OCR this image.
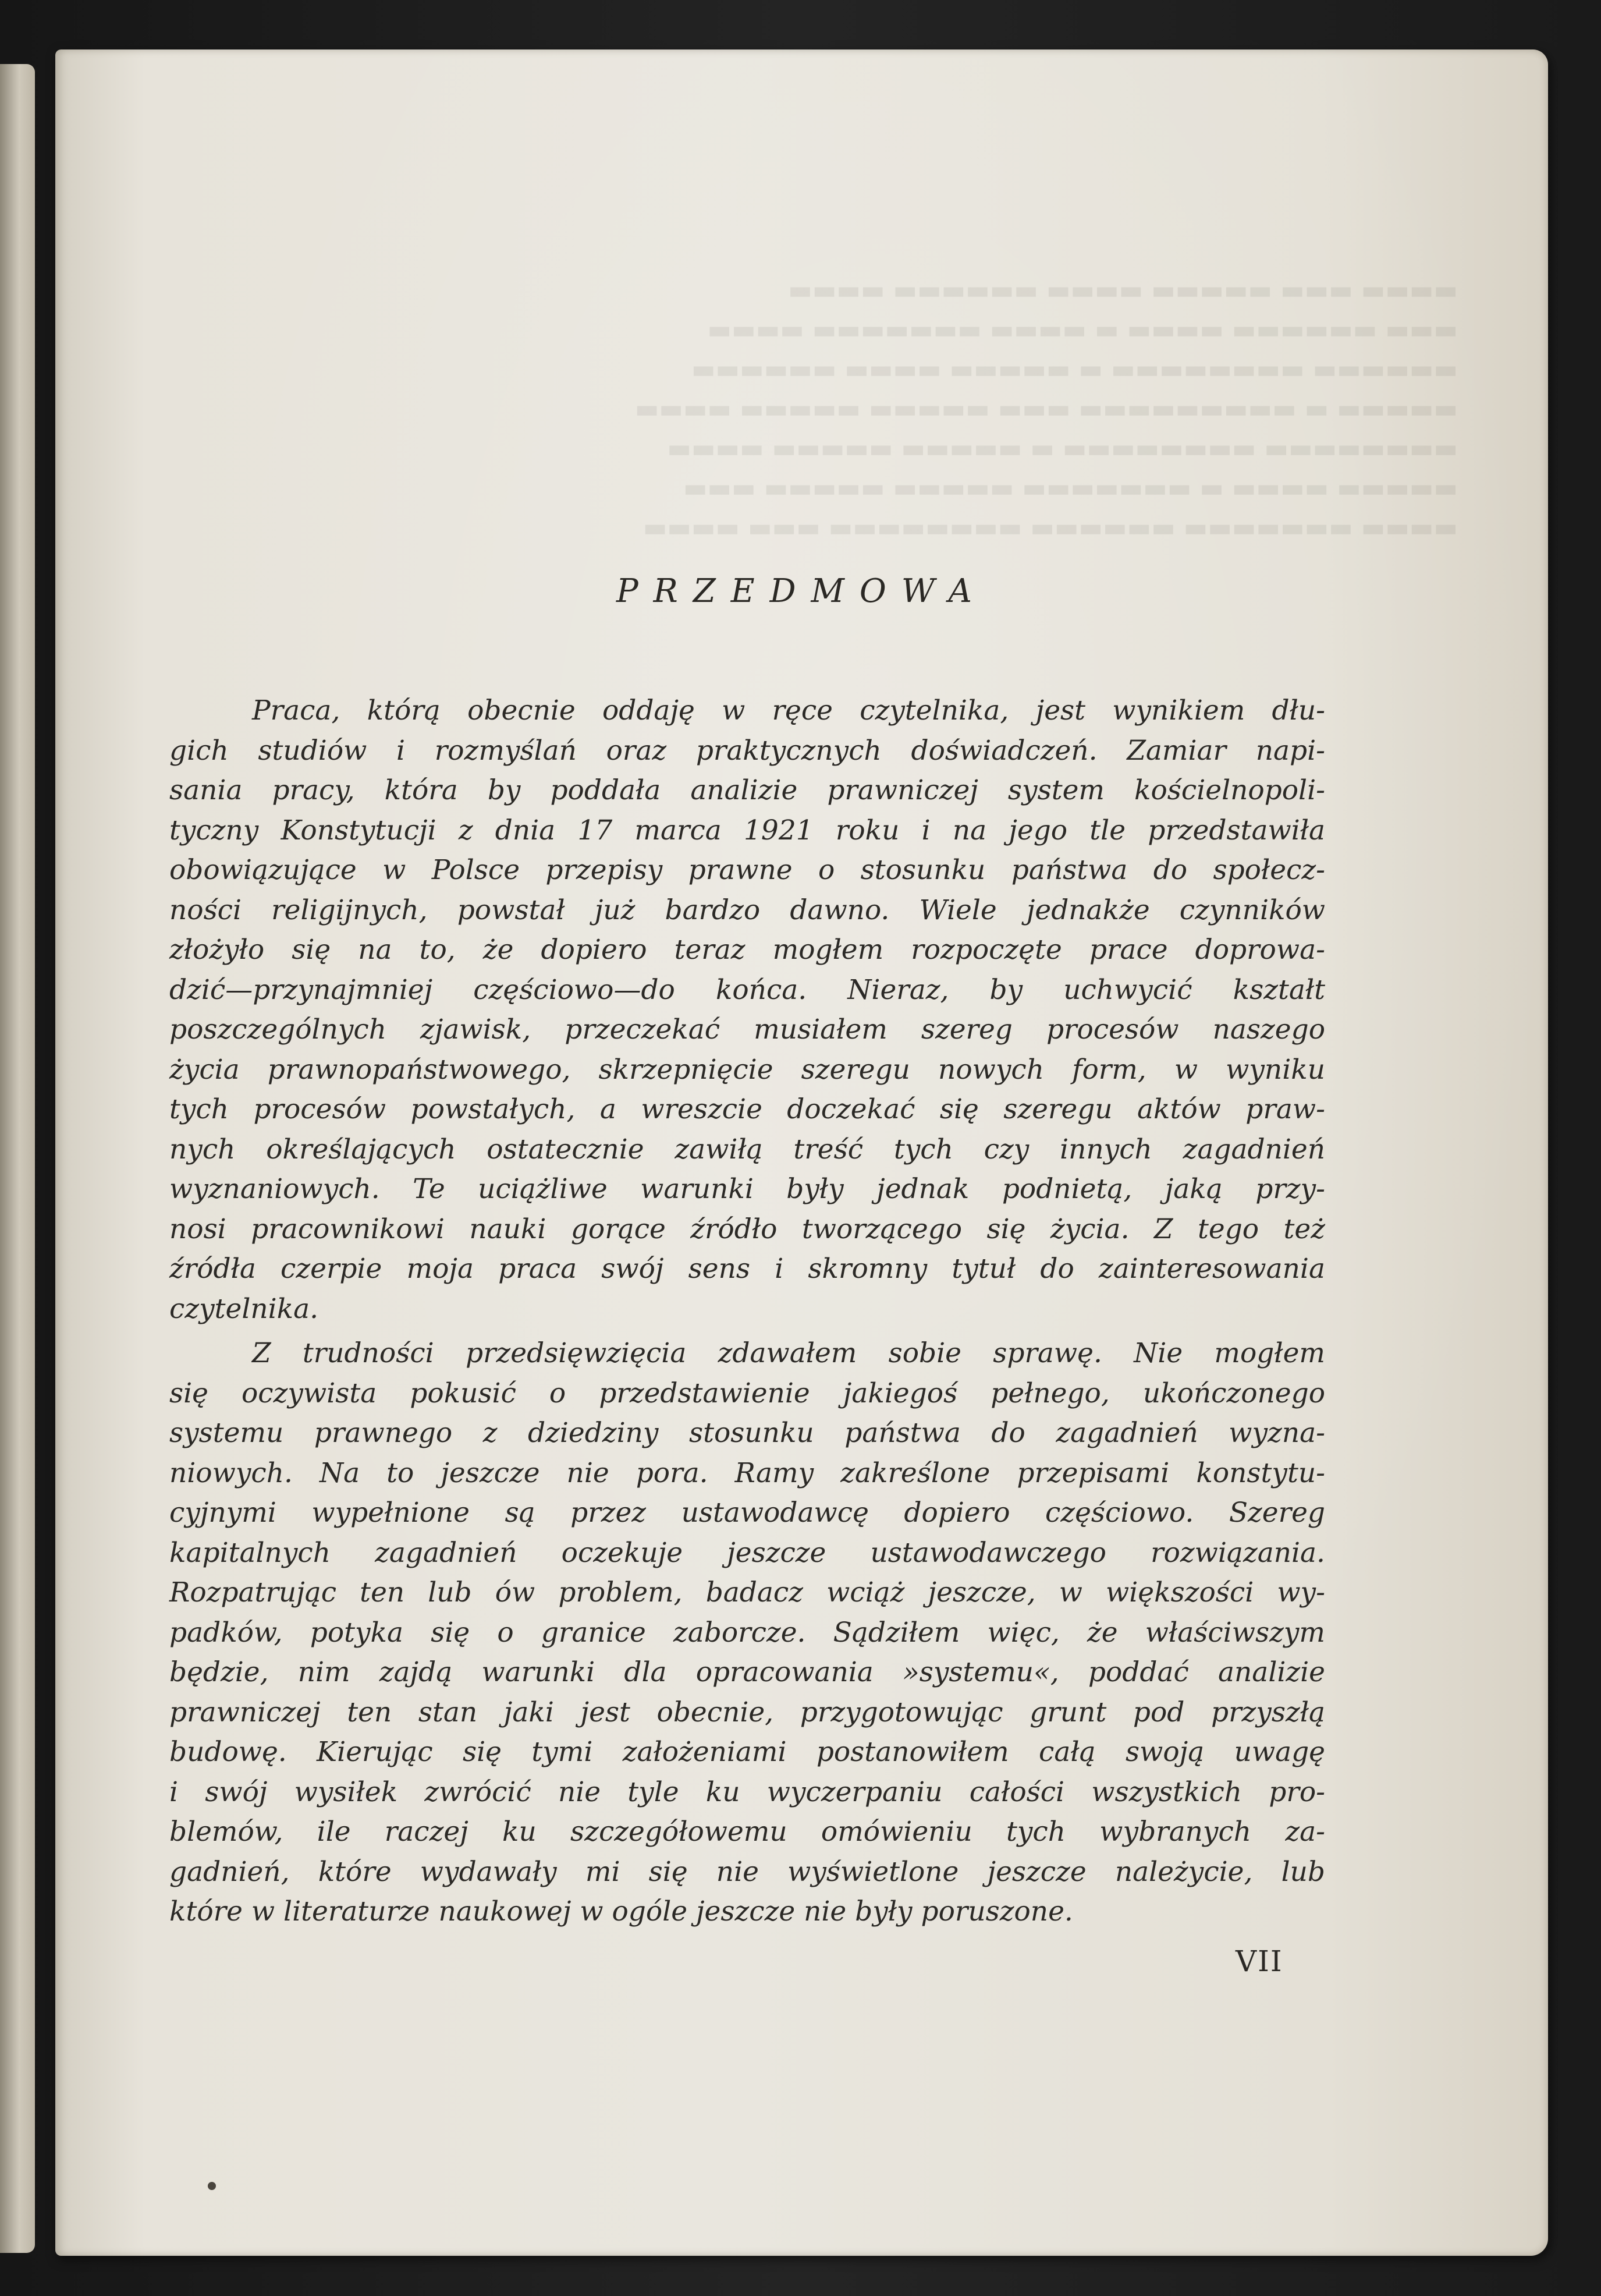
▬▬▬▬ ▬▬▬ ▬▬▬▬▬ ▬▬▬▬ ▬▬▬▬▬▬ ▬▬▬▬
▬▬▬ ▬▬▬▬▬▬ ▬▬▬▬ ▬ ▬▬▬▬ ▬▬▬▬▬▬▬ ▬▬▬▬
▬▬▬▬▬▬ ▬▬▬▬▬▬▬▬ ▬ ▬▬▬▬▬ ▬▬▬▬ ▬▬▬▬▬▬
▬▬▬▬▬ ▬ ▬▬▬▬▬▬▬▬▬ ▬▬▬ ▬▬▬▬▬ ▬▬▬▬▬ ▬▬▬▬
▬▬▬▬▬▬▬▬ ▬▬▬▬▬▬▬▬ ▬ ▬▬▬▬▬ ▬▬▬▬▬ ▬▬▬▬
▬▬▬▬▬ ▬▬▬▬ ▬ ▬▬▬▬▬▬▬ ▬▬▬▬▬ ▬▬▬▬▬ ▬▬▬
▬▬▬▬ ▬▬▬▬▬▬▬ ▬▬▬▬▬▬ ▬▬▬▬▬▬▬▬ ▬▬▬ ▬▬▬▬
PRZEDMOWA
Praca, którą obecnie oddaję w ręce czytelnika, jest wynikiem dłu-
gich studiów i rozmyślań oraz praktycznych doświadczeń. Zamiar napi-
sania pracy, która by poddała analizie prawniczej system kościelnopoli-
tyczny Konstytucji z dnia 17 marca 1921 roku i na jego tle przedstawiła
obowiązujące w Polsce przepisy prawne o stosunku państwa do społecz-
ności religijnych, powstał już bardzo dawno. Wiele jednakże czynników
złożyło się na to, że dopiero teraz mogłem rozpoczęte prace doprowa-
dzić—przynajmniej częściowo—do końca. Nieraz, by uchwycić kształt
poszczególnych zjawisk, przeczekać musiałem szereg procesów naszego
życia prawnopaństwowego, skrzepnięcie szeregu nowych form, w wyniku
tych procesów powstałych, a wreszcie doczekać się szeregu aktów praw-
nych określających ostatecznie zawiłą treść tych czy innych zagadnień
wyznaniowych. Te uciążliwe warunki były jednak podnietą, jaką przy-
nosi pracownikowi nauki gorące źródło tworzącego się życia. Z tego też
źródła czerpie moja praca swój sens i skromny tytuł do zainteresowania
czytelnika.
Z trudności przedsięwzięcia zdawałem sobie sprawę. Nie mogłem
się oczywista pokusić o przedstawienie jakiegoś pełnego, ukończonego
systemu prawnego z dziedziny stosunku państwa do zagadnień wyzna-
niowych. Na to jeszcze nie pora. Ramy zakreślone przepisami konstytu-
cyjnymi wypełnione są przez ustawodawcę dopiero częściowo. Szereg
kapitalnych zagadnień oczekuje jeszcze ustawodawczego rozwiązania.
Rozpatrując ten lub ów problem, badacz wciąż jeszcze, w większości wy-
padków, potyka się o granice zaborcze. Sądziłem więc, że właściwszym
będzie, nim zajdą warunki dla opracowania »systemu«, poddać analizie
prawniczej ten stan jaki jest obecnie, przygotowując grunt pod przyszłą
budowę. Kierując się tymi założeniami postanowiłem całą swoją uwagę
i swój wysiłek zwrócić nie tyle ku wyczerpaniu całości wszystkich pro-
blemów, ile raczej ku szczegółowemu omówieniu tych wybranych za-
gadnień, które wydawały mi się nie wyświetlone jeszcze należycie, lub
które w literaturze naukowej w ogóle jeszcze nie były poruszone.
VII
